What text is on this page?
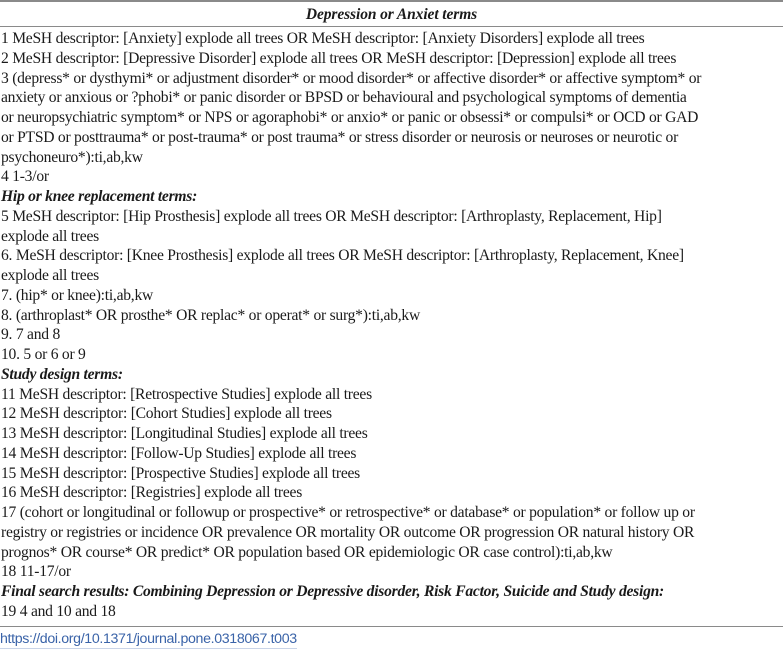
Depression or Anxiet terms
1 MeSH descriptor: [Anxiety] explode all trees OR MeSH descriptor: [Anxiety Disorders] explode all trees
2 MeSH descriptor: [Depressive Disorder] explode all trees OR MeSH descriptor: [Depression] explode all trees
3 (depress* or dysthymi* or adjustment disorder* or mood disorder* or affective disorder* or affective symptom* or
anxiety or anxious or ?phobi* or panic disorder or BPSD or behavioural and psychological symptoms of dementia
or neuropsychiatric symptom* or NPS or agoraphobi* or anxio* or panic or obsessi* or compulsi* or OCD or GAD
or PTSD or posttrauma* or post-trauma* or post trauma* or stress disorder or neurosis or neuroses or neurotic or
psychoneuro*):ti,ab,kw
4 1-3/or
Hip or knee replacement terms:
5 MeSH descriptor: [Hip Prosthesis] explode all trees OR MeSH descriptor: [Arthroplasty, Replacement, Hip]
explode all trees
6. MeSH descriptor: [Knee Prosthesis] explode all trees OR MeSH descriptor: [Arthroplasty, Replacement, Knee]
explode all trees
7. (hip* or knee):ti,ab,kw
8. (arthroplast* OR prosthe* OR replac* or operat* or surg*):ti,ab,kw
9. 7 and 8
10. 5 or 6 or 9
Study design terms:
11 MeSH descriptor: [Retrospective Studies] explode all trees
12 MeSH descriptor: [Cohort Studies] explode all trees
13 MeSH descriptor: [Longitudinal Studies] explode all trees
14 MeSH descriptor: [Follow-Up Studies] explode all trees
15 MeSH descriptor: [Prospective Studies] explode all trees
16 MeSH descriptor: [Registries] explode all trees
17 (cohort or longitudinal or followup or prospective* or retrospective* or database* or population* or follow up or
registry or registries or incidence OR prevalence OR mortality OR outcome OR progression OR natural history OR
prognos* OR course* OR predict* OR population based OR epidemiologic OR case control):ti,ab,kw
18 11-17/or
Final search results: Combining Depression or Depressive disorder, Risk Factor, Suicide and Study design:
19 4 and 10 and 18
https://doi.org/10.1371/journal.pone.0318067.t003
